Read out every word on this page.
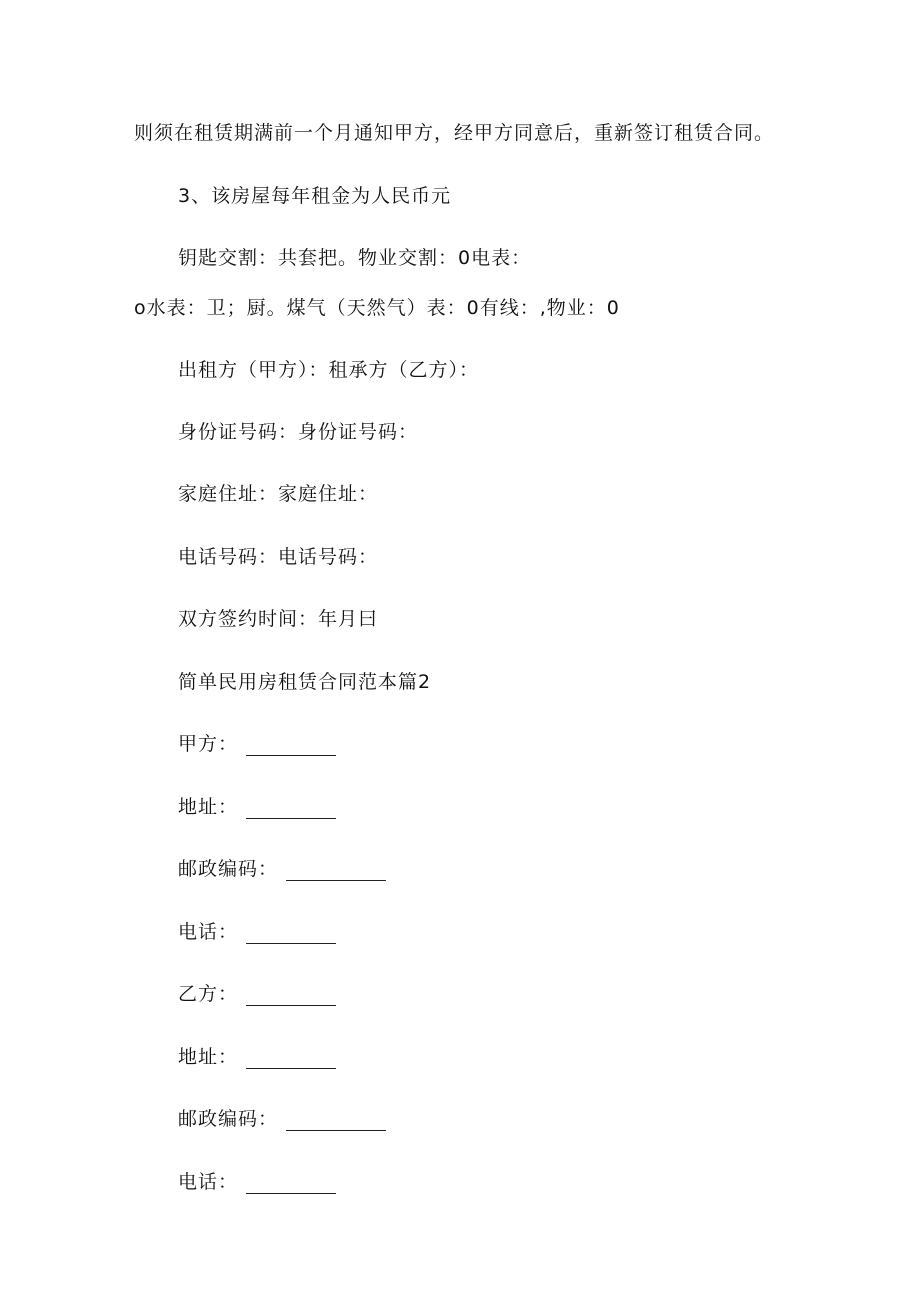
则须在租赁期满前一个月通知甲方，经甲方同意后，重新签订租赁合同。
3、该房屋每年租金为人民币元
钥匙交割：共套把。物业交割：0电表：
o水表：卫；厨。煤气（天然气）表：0有线：,物业：0
出租方（甲方）：租承方（乙方）：
身份证号码：身份证号码：
家庭住址：家庭住址：
电话号码：电话号码：
双方签约时间：年月曰
简单民用房租赁合同范本篇2
甲方：
地址：
邮政编码：
电话：
乙方：
地址：
邮政编码：
电话：
